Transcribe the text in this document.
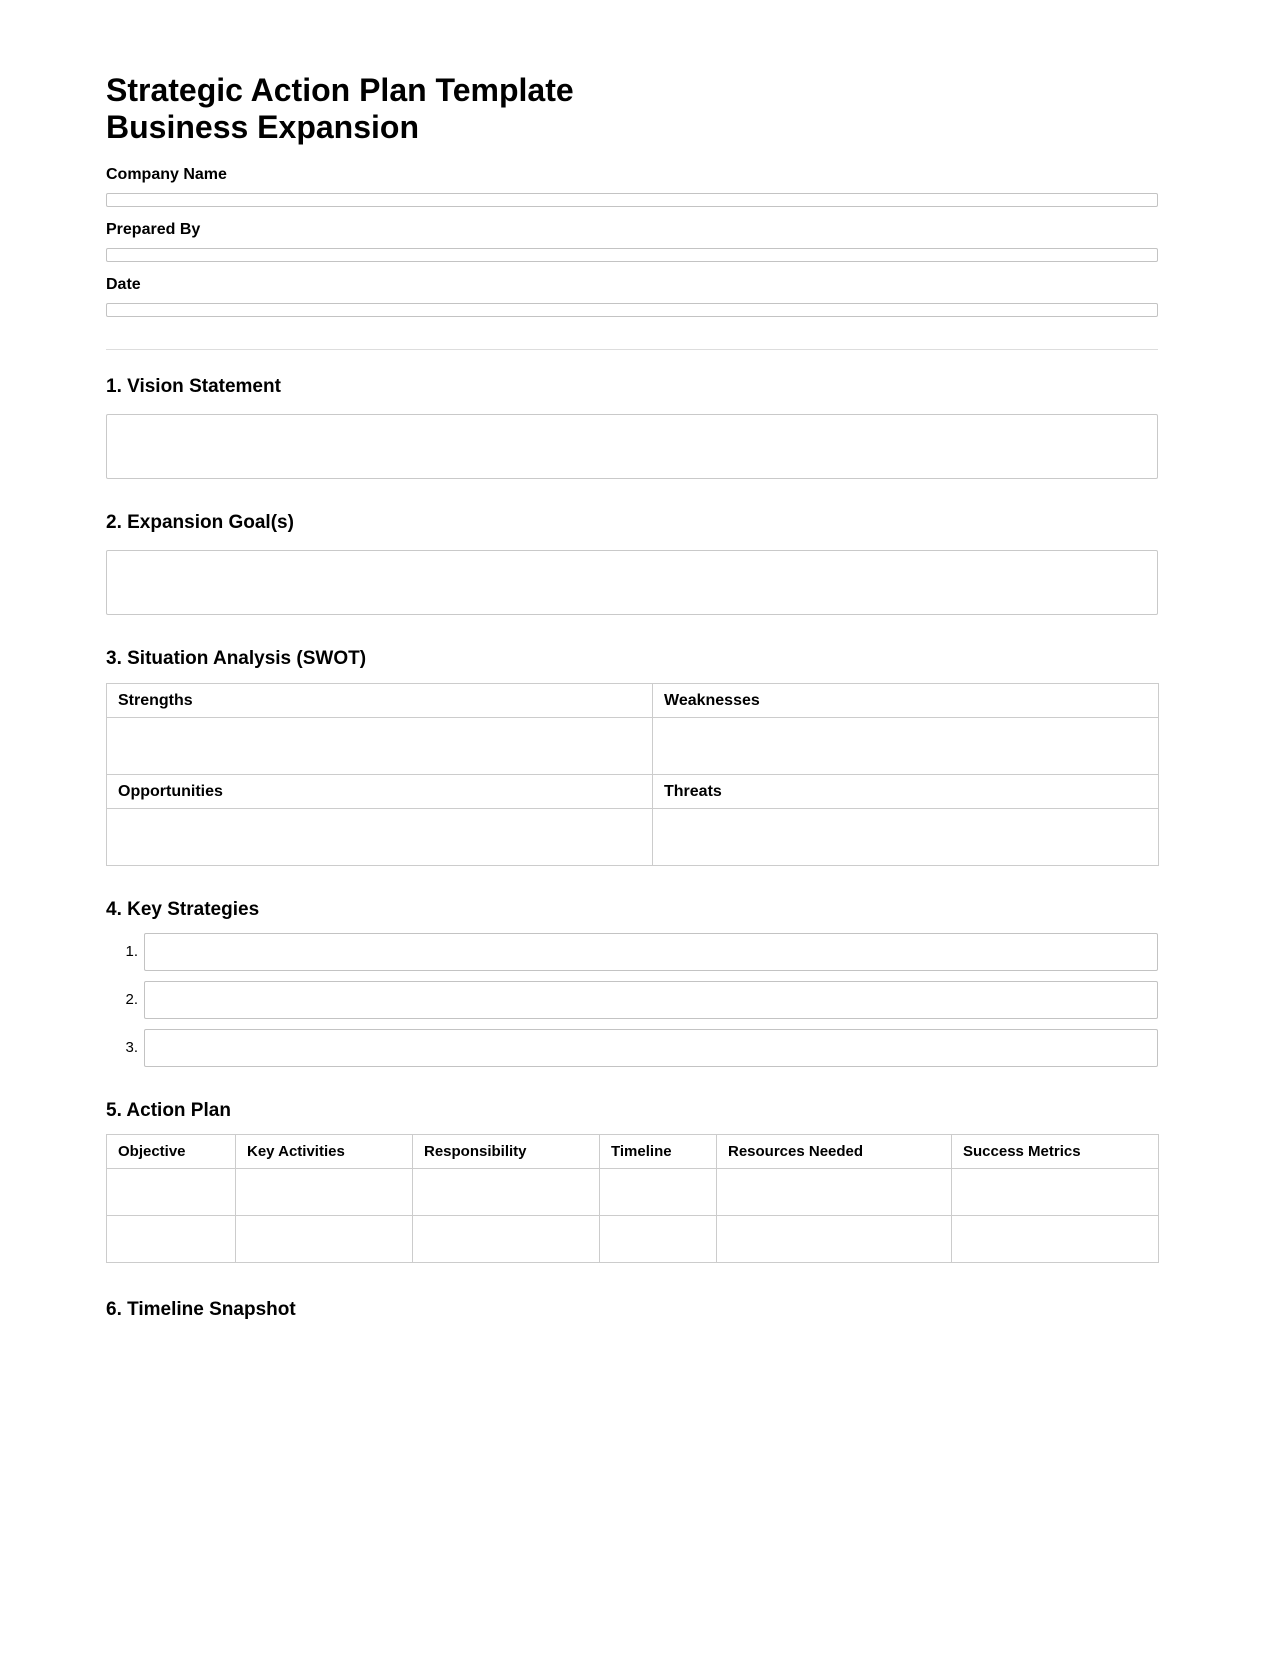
Strategic Action Plan Template
Business Expansion
Company Name
Prepared By
Date
1. Vision Statement
2. Expansion Goal(s)
3. Situation Analysis (SWOT)
Strengths	Weaknesses

Opportunities	Threats

4. Key Strategies
1.
2.
3.
5. Action Plan
Objective	Key Activities	Responsibility	Timeline	Resources Needed	Success Metrics

6. Timeline Snapshot
